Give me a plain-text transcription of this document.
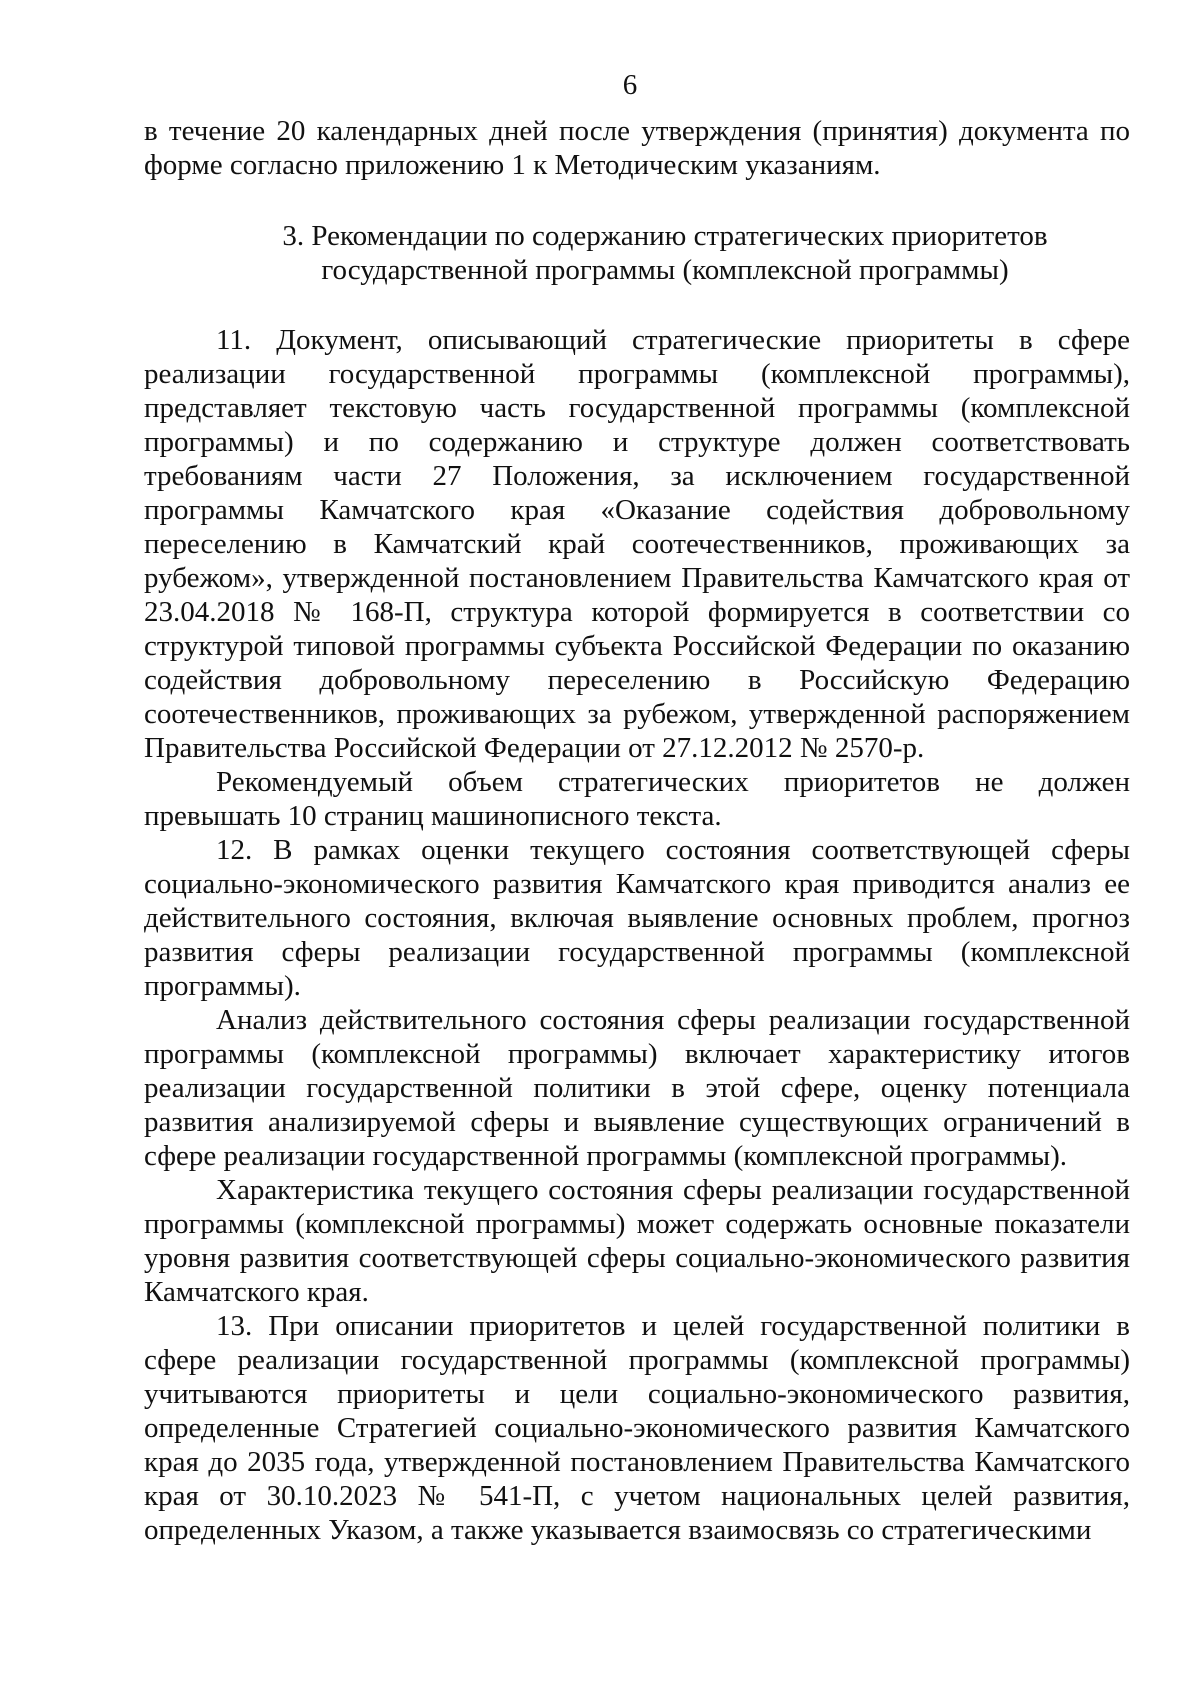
6

в течение 20 календарных дней после утверждения (принятия) документа по форме согласно приложению 1 к Методическим указаниям.

3. Рекомендации по содержанию стратегических приоритетов

государственной программы (комплексной программы)

11. Документ, описывающий стратегические приоритеты в сфере реализации государственной программы (комплексной программы), представляет текстовую часть государственной программы (комплексной программы) и по содержанию и структуре должен соответствовать требованиям части 27 Положения, за исключением государственной программы Камчатского края «Оказание содействия добровольному переселению в Камчатский край соотечественников, проживающих за рубежом», утвержденной постановлением Правительства Камчатского края от 23.04.2018 № 168-П, структура которой формируется в соответствии со структурой типовой программы субъекта Российской Федерации по оказанию содействия добровольному переселению в Российскую Федерацию соотечественников, проживающих за рубежом, утвержденной распоряжением Правительства Российской Федерации от 27.12.2012 № 2570-р.

Рекомендуемый объем стратегических приоритетов не должен превышать 10 страниц машинописного текста.

12. В рамках оценки текущего состояния соответствующей сферы социально-экономического развития Камчатского края приводится анализ ее действительного состояния, включая выявление основных проблем, прогноз развития сферы реализации государственной программы (комплексной программы).

Анализ действительного состояния сферы реализации государственной программы (комплексной программы) включает характеристику итогов реализации государственной политики в этой сфере, оценку потенциала развития анализируемой сферы и выявление существующих ограничений в сфере реализации государственной программы (комплексной программы).

Характеристика текущего состояния сферы реализации государственной программы (комплексной программы) может содержать основные показатели уровня развития соответствующей сферы социально-экономического развития Камчатского края.

13. При описании приоритетов и целей государственной политики в сфере реализации государственной программы (комплексной программы) учитываются приоритеты и цели социально-экономического развития, определенные Стратегией социально-экономического развития Камчатского края до 2035 года, утвержденной постановлением Правительства Камчатского края от 30.10.2023 № 541-П, с учетом национальных целей развития, определенных Указом, а также указывается взаимосвязь со стратегическими
